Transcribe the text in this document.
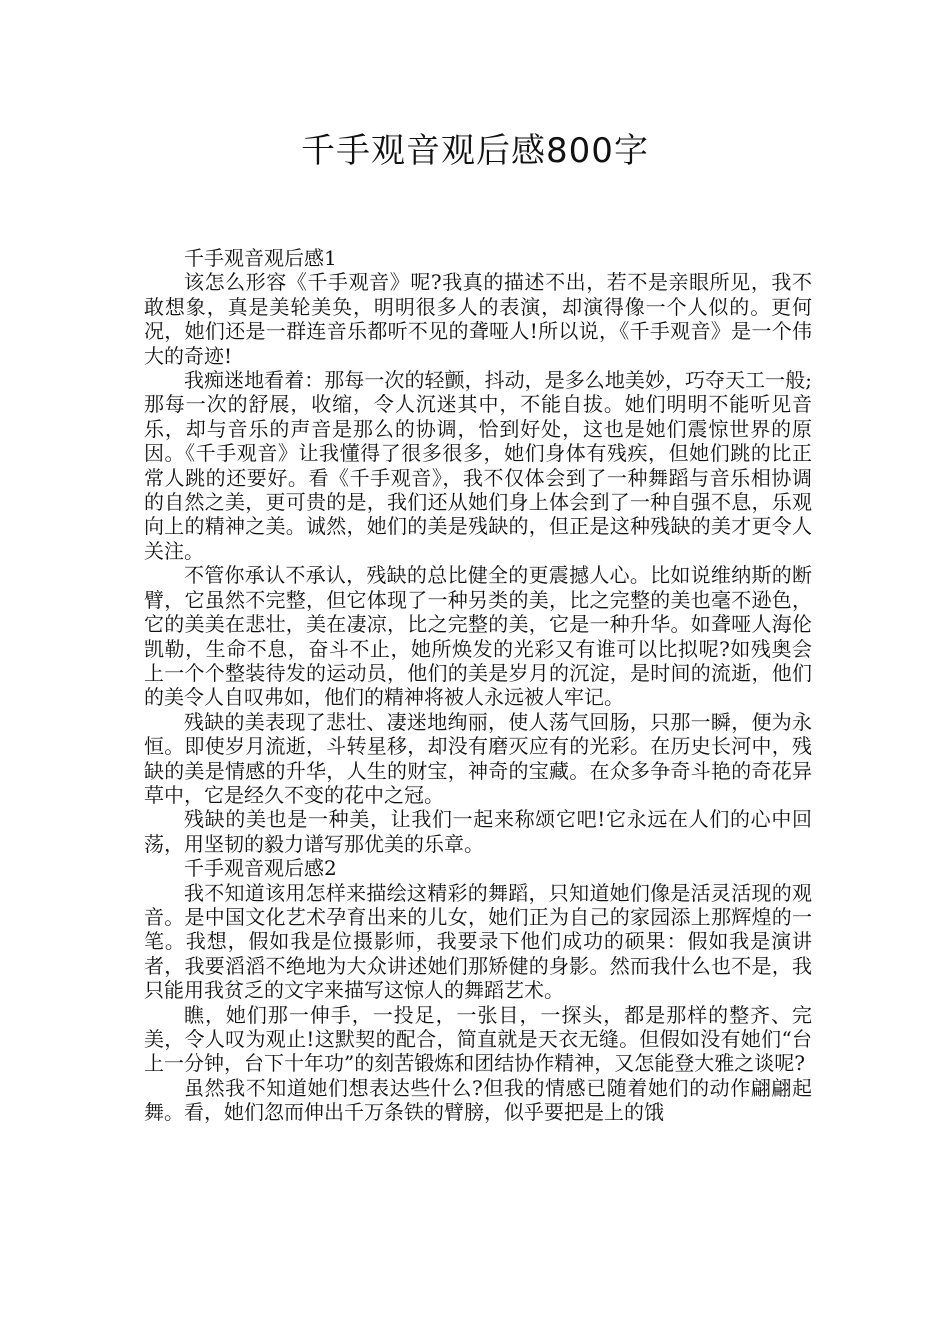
千手观音观后感800字

千手观音观后感1

该怎么形容《千手观音》呢?我真的描述不出，若不是亲眼所见，我不敢想象，真是美轮美奂，明明很多人的表演，却演得像一个人似的。更何况，她们还是一群连音乐都听不见的聋哑人!所以说，《千手观音》是一个伟大的奇迹!

我痴迷地看着：那每一次的轻颤，抖动，是多么地美妙，巧夺天工一般;那每一次的舒展，收缩，令人沉迷其中，不能自拔。她们明明不能听见音乐，却与音乐的声音是那么的协调，恰到好处，这也是她们震惊世界的原因。《千手观音》让我懂得了很多很多，她们身体有残疾，但她们跳的比正常人跳的还要好。看《千手观音》，我不仅体会到了一种舞蹈与音乐相协调的自然之美，更可贵的是，我们还从她们身上体会到了一种自强不息，乐观向上的精神之美。诚然，她们的美是残缺的，但正是这种残缺的美才更令人关注。

不管你承认不承认，残缺的总比健全的更震撼人心。比如说维纳斯的断臂，它虽然不完整，但它体现了一种另类的美，比之完整的美也毫不逊色，它的美美在悲壮，美在凄凉，比之完整的美，它是一种升华。如聋哑人海伦凯勒，生命不息，奋斗不止，她所焕发的光彩又有谁可以比拟呢?如残奥会上一个个整装待发的运动员，他们的美是岁月的沉淀，是时间的流逝，他们的美令人自叹弗如，他们的精神将被人永远被人牢记。

残缺的美表现了悲壮、凄迷地绚丽，使人荡气回肠，只那一瞬，便为永恒。即使岁月流逝，斗转星移，却没有磨灭应有的光彩。在历史长河中，残缺的美是情感的升华，人生的财宝，神奇的宝藏。在众多争奇斗艳的奇花异草中，它是经久不变的花中之冠。

残缺的美也是一种美，让我们一起来称颂它吧!它永远在人们的心中回荡，用坚韧的毅力谱写那优美的乐章。

千手观音观后感2

我不知道该用怎样来描绘这精彩的舞蹈，只知道她们像是活灵活现的观音。是中国文化艺术孕育出来的儿女，她们正为自己的家园添上那辉煌的一笔。我想，假如我是位摄影师，我要录下他们成功的硕果：假如我是演讲者，我要滔滔不绝地为大众讲述她们那矫健的身影。然而我什么也不是，我只能用我贫乏的文字来描写这惊人的舞蹈艺术。

瞧，她们那一伸手，一投足，一张目，一探头，都是那样的整齐、完美，令人叹为观止!这默契的配合，简直就是天衣无缝。但假如没有她们“台上一分钟，台下十年功”的刻苦锻炼和团结协作精神，又怎能登大雅之谈呢?

虽然我不知道她们想表达些什么?但我的情感已随着她们的动作翩翩起舞。看，她们忽而伸出千万条铁的臂膀，似乎要把是上的饿
